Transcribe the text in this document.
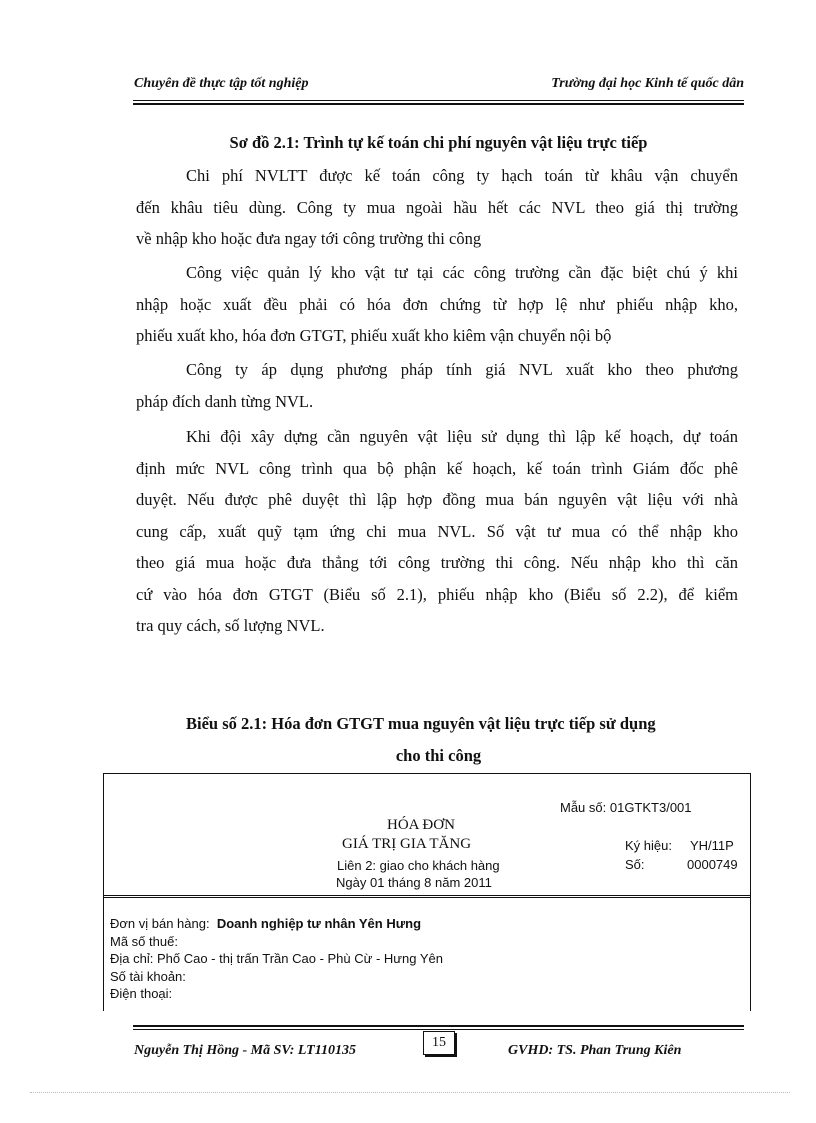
Chuyên đề thực tập tốt nghiệp	Trường đại học Kinh tế quốc dân
Sơ đồ 2.1: Trình tự kế toán chi phí nguyên vật liệu trực tiếp
Chi phí NVLTT được kế toán công ty hạch toán từ khâu vận chuyển
đến khâu tiêu dùng. Công ty mua ngoài hầu hết các NVL theo giá thị trường
về nhập kho hoặc đưa ngay tới công trường thi công
Công việc quản lý kho vật tư tại các công trường cần đặc biệt chú ý khi
nhập hoặc xuất đều phải có hóa đơn chứng từ hợp lệ như phiếu nhập kho,
phiếu xuất kho, hóa đơn GTGT, phiếu xuất kho kiêm vận chuyển nội bộ
Công ty áp dụng phương pháp tính giá NVL xuất kho theo phương
pháp đích danh từng NVL.
Khi đội xây dựng cần nguyên vật liệu sử dụng thì lập kế hoạch, dự toán
định mức NVL công trình qua bộ phận kế hoạch, kế toán trình Giám đốc phê
duyệt. Nếu được phê duyệt thì lập hợp đồng mua bán nguyên vật liệu với nhà
cung cấp, xuất quỹ tạm ứng chi mua NVL. Số vật tư mua có thể nhập kho
theo giá mua hoặc đưa thẳng tới công trường thi công. Nếu nhập kho thì căn
cứ vào hóa đơn GTGT (Biểu số 2.1), phiếu nhập kho (Biểu số 2.2), để kiểm
tra quy cách, số lượng NVL.
Biểu số 2.1: Hóa đơn GTGT mua nguyên vật liệu trực tiếp sử dụng
cho thi công
Mẫu số: 01GTKT3/001
HÓA ĐƠN
GIÁ TRỊ GIA TĂNG
Liên 2: giao cho khách hàng
Ngày 01 tháng 8 năm 2011
Ký hiệu: YH/11P
Số:	0000749
Đơn vị bán hàng: Doanh nghiệp tư nhân Yên Hưng
Mã số thuế:
Địa chỉ: Phố Cao - thị trấn Trần Cao - Phù Cừ - Hưng Yên
Số tài khoản:
Điện thoại:
Nguyễn Thị Hồng - Mã SV: LT110135
15
GVHD: TS. Phan Trung Kiên
